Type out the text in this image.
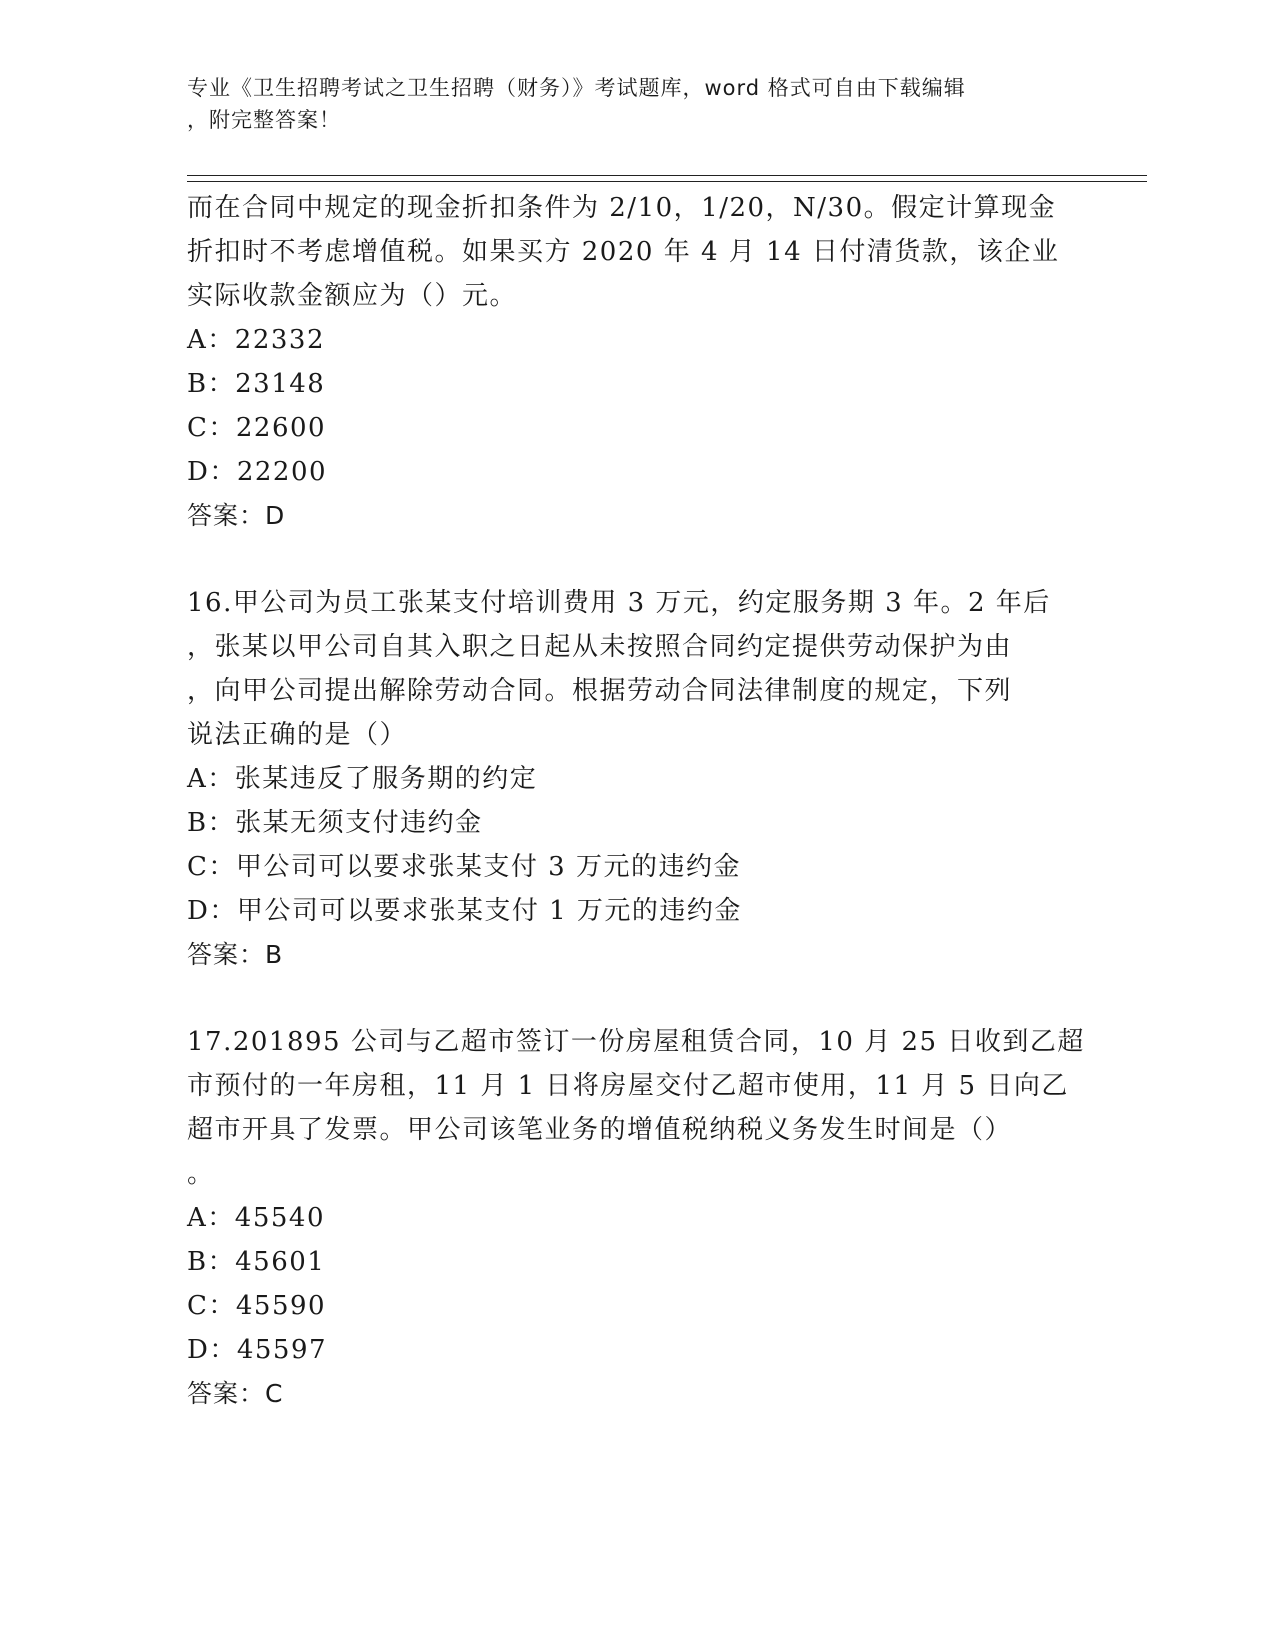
专业《卫生招聘考试之卫生招聘（财务）》考试题库，word 格式可自由下载编辑
，附完整答案！
而在合同中规定的现金折扣条件为 2/10，1/20，N/30。假定计算现金
折扣时不考虑增值税。如果买方 2020 年 4 月 14 日付清货款，该企业
实际收款金额应为（）元。
A：22332
B：23148
C：22600
D：22200
答案：D
16.甲公司为员工张某支付培训费用 3 万元，约定服务期 3 年。2 年后
，张某以甲公司自其入职之日起从未按照合同约定提供劳动保护为由
，向甲公司提出解除劳动合同。根据劳动合同法律制度的规定，下列
说法正确的是（）
A：张某违反了服务期的约定
B：张某无须支付违约金
C：甲公司可以要求张某支付 3 万元的违约金
D：甲公司可以要求张某支付 1 万元的违约金
答案：B
17.201895 公司与乙超市签订一份房屋租赁合同，10 月 25 日收到乙超
市预付的一年房租，11 月 1 日将房屋交付乙超市使用，11 月 5 日向乙
超市开具了发票。甲公司该笔业务的增值税纳税义务发生时间是（）
。
A：45540
B：45601
C：45590
D：45597
答案：C
